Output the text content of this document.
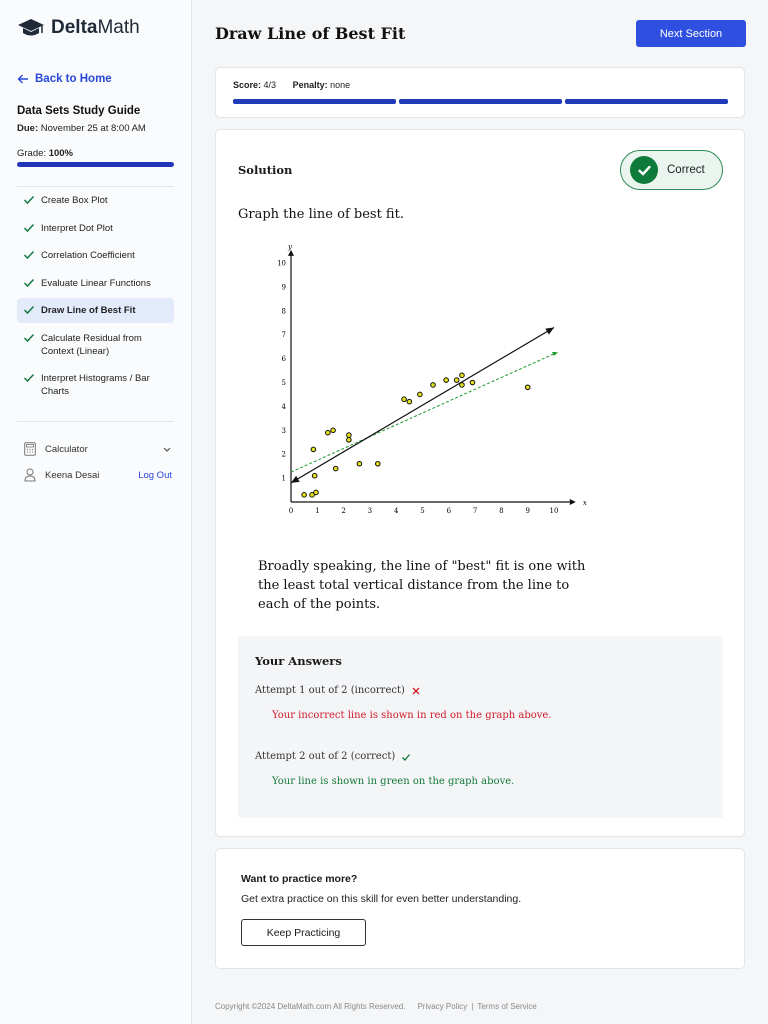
DeltaMath
Back to Home
Data Sets Study Guide
Due: November 25 at 8:00 AM
Grade: 100%
Create Box Plot
Interpret Dot Plot
Correlation Coefficient
Evaluate Linear Functions
Draw Line of Best Fit
Calculate Residual from Context (Linear)
Interpret Histograms / Bar Charts
Calculator
Keena Desai	Log Out
Draw Line of Best Fit	Next Section
Score: 4/3 Penalty: none
Solution	Correct
Graph the line of best fit.
x
y
0	1	2	3	4	5	6	7	8	9	10
1
2
3
4
5
6
7
8
9
10
Broadly speaking, the line of "best" fit is one with the least total vertical distance from the line to each of the points.
Your Answers
Attempt 1 out of 2 (incorrect)
Your incorrect line is shown in red on the graph above.
Attempt 2 out of 2 (correct)
Your line is shown in green on the graph above.
Want to practice more?
Get extra practice on this skill for even better understanding.
Keep Practicing
Copyright ©2024 DeltaMath.com All Rights Reserved. Privacy Policy | Terms of Service
